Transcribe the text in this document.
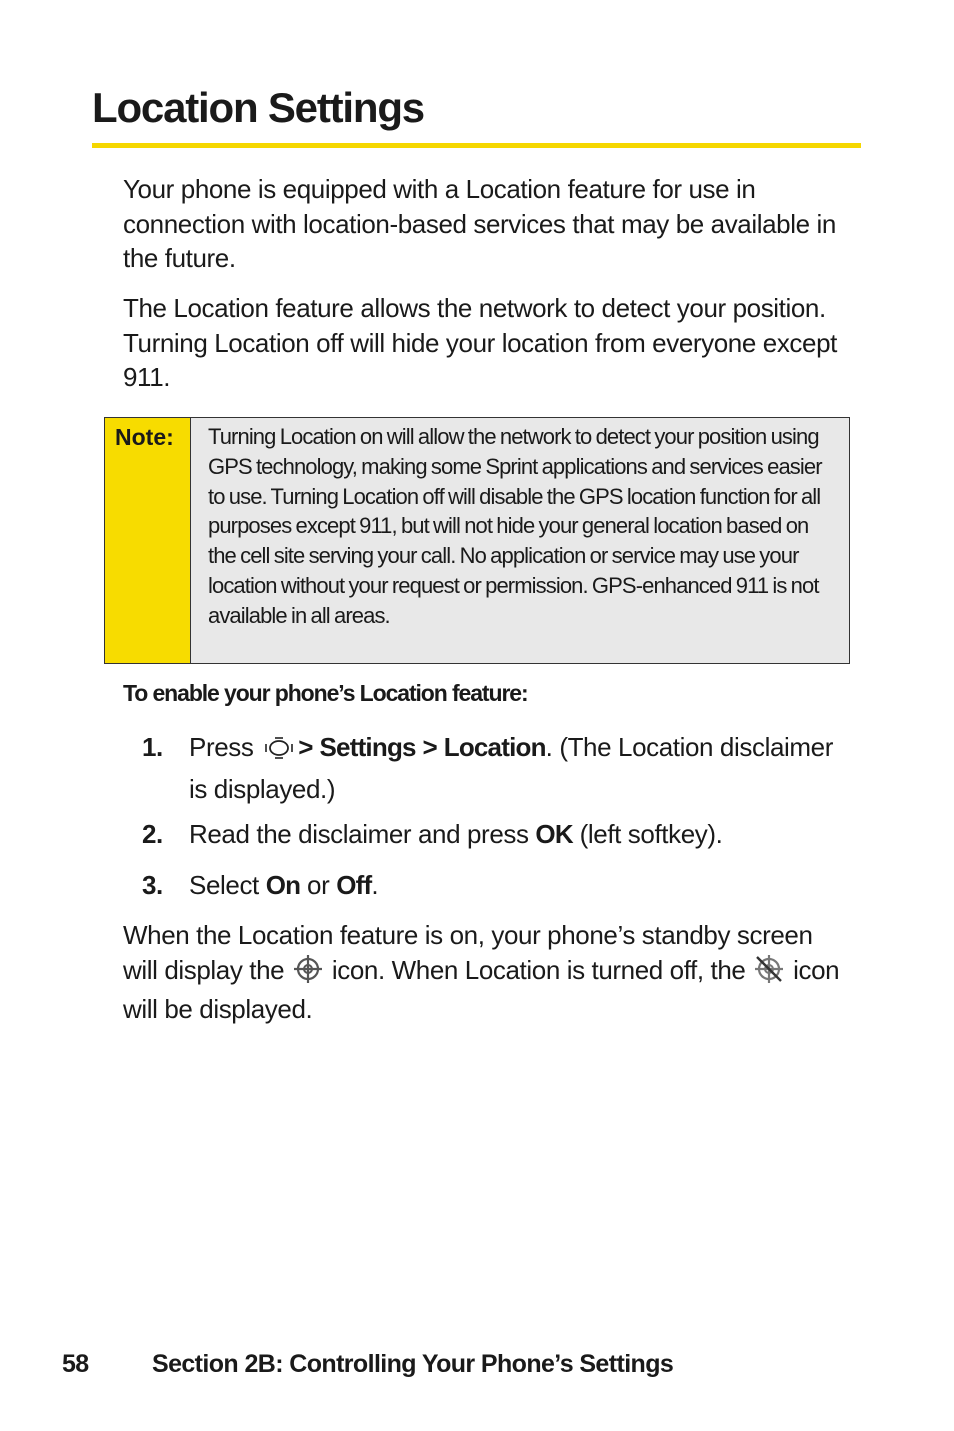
Location Settings

Your phone is equipped with a Location feature for use in connection with location-based services that may be available in the future.

The Location feature allows the network to detect your position. Turning Location off will hide your location from everyone except 911.

Note:	Turning Location on will allow the network to detect your position using GPS technology, making some Sprint applications and services easier to use. Turning Location off will disable the GPS location function for all purposes except 911, but will not hide your general location based on the cell site serving your call. No application or service may use your location without your request or permission. GPS-enhanced 911 is not available in all areas.

To enable your phone’s Location feature:

1.	Press > Settings > Location. (The Location disclaimer is displayed.)
2.	Read the disclaimer and press OK (left softkey).
3.	Select On or Off.

When the Location feature is on, your phone’s standby screen will display the icon. When Location is turned off, the icon will be displayed.

58	Section 2B: Controlling Your Phone’s Settings
